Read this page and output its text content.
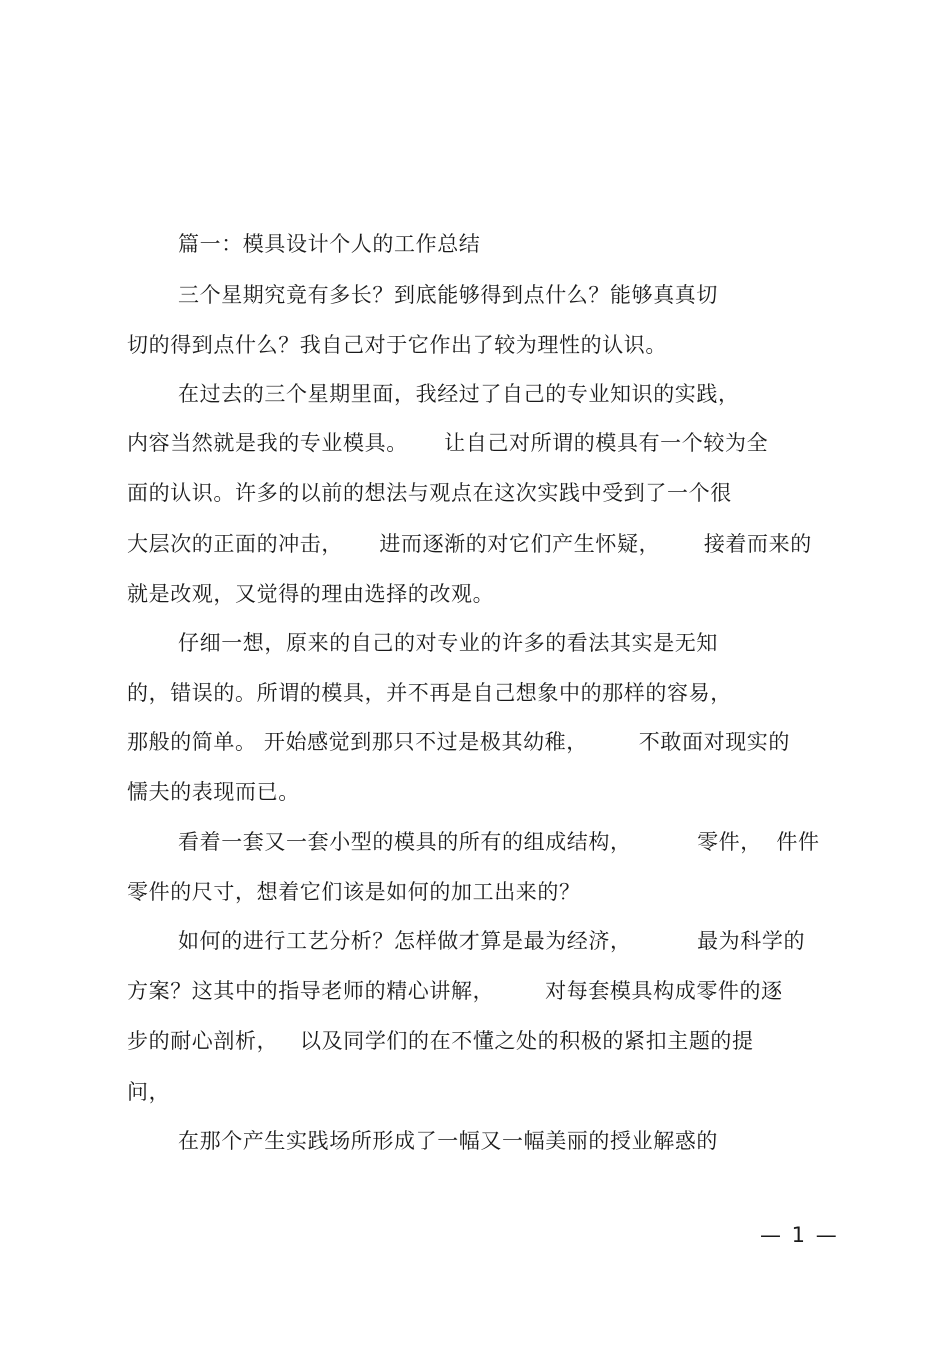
篇一：模具设计个人的工作总结
三个星期究竟有多长？到底能够得到点什么？能够真真切
切的得到点什么？我自己对于它作出了较为理性的认识。
在过去的三个星期里面，我经过了自己的专业知识的实践，
内容当然就是我的专业模具。     让自己对所谓的模具有一个较为全
面的认识。许多的以前的想法与观点在这次实践中受到了一个很
大层次的正面的冲击，     进而逐渐的对它们产生怀疑，      接着而来的
就是改观，又觉得的理由选择的改观。
仔细一想，原来的自己的对专业的许多的看法其实是无知
的，错误的。所谓的模具，并不再是自己想象中的那样的容易，
那般的简单。 开始感觉到那只不过是极其幼稚，       不敢面对现实的
懦夫的表现而已。
看着一套又一套小型的模具的所有的组成结构，         零件，  件件
零件的尺寸，想着它们该是如何的加工出来的？
如何的进行工艺分析？怎样做才算是最为经济，         最为科学的
方案？这其中的指导老师的精心讲解，       对每套模具构成零件的逐
步的耐心剖析，   以及同学们的在不懂之处的积极的紧扣主题的提
问，
在那个产生实践场所形成了一幅又一幅美丽的授业解惑的
— 1 —
